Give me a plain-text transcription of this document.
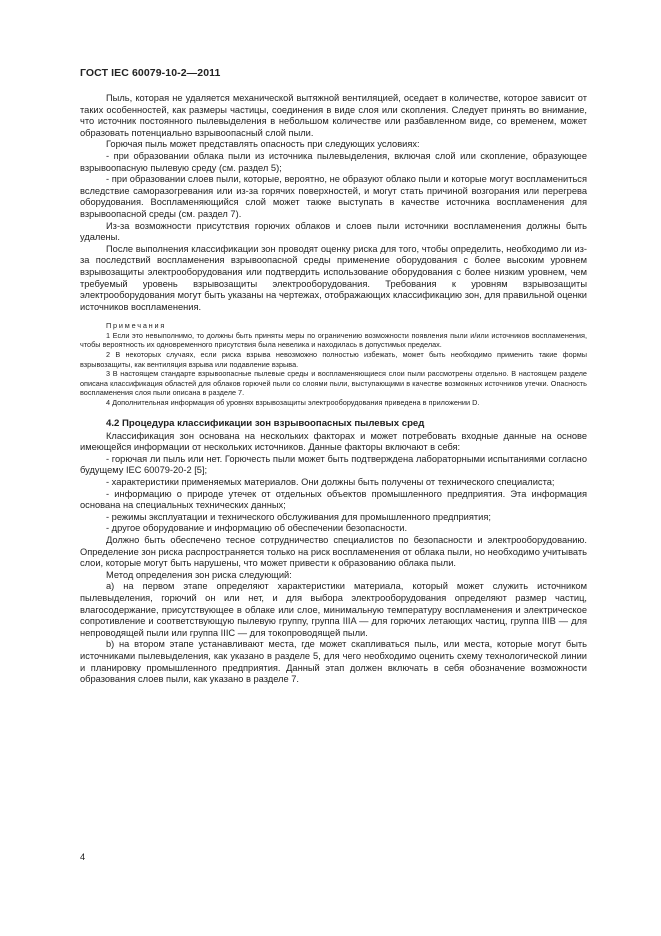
ГОСТ IEC 60079-10-2—2011

Пыль, которая не удаляется механической вытяжной вентиляцией, оседает в количестве, которое зависит от таких особенностей, как размеры частицы, соединения в виде слоя или скопления. Следует принять во внимание, что источник постоянного пылевыделения в небольшом количестве или разбавленном виде, со временем, может образовать потенциально взрывоопасный слой пыли.

Горючая пыль может представлять опасность при следующих условиях:

- при образовании облака пыли из источника пылевыделения, включая слой или скопление, образующее взрывоопасную пылевую среду (см. раздел 5);

- при образовании слоев пыли, которые, вероятно, не образуют облако пыли и которые могут воспламениться вследствие саморазогревания или из-за горячих поверхностей, и могут стать причиной возгорания или перегрева оборудования. Воспламеняющийся слой может также выступать в качестве источника воспламенения для взрывоопасной среды (см. раздел 7).

Из-за возможности присутствия горючих облаков и слоев пыли источники воспламенения должны быть удалены.

После выполнения классификации зон проводят оценку риска для того, чтобы определить, необходимо ли из-за последствий воспламенения взрывоопасной среды применение оборудования с более высоким уровнем взрывозащиты электрооборудования или подтвердить использование оборудования с более низким уровнем, чем требуемый уровень взрывозащиты электрооборудования. Требования к уровням взрывозащиты электрооборудования могут быть указаны на чертежах, отображающих классификацию зон, для правильной оценки источников воспламенения.

Примечания

1 Если это невыполнимо, то должны быть приняты меры по ограничению возможности появления пыли и/или источников воспламенения, чтобы вероятность их одновременного присутствия была невелика и находилась в допустимых пределах.

2 В некоторых случаях, если риска взрыва невозможно полностью избежать, может быть необходимо применить такие формы взрывозащиты, как вентиляция взрыва или подавление взрыва.

3 В настоящем стандарте взрывоопасные пылевые среды и воспламеняющиеся слои пыли рассмотрены отдельно. В настоящем разделе описана классификация областей для облаков горючей пыли со слоями пыли, выступающими в качестве возможных источников утечки. Опасность воспламенения слоя пыли описана в разделе 7.

4 Дополнительная информация об уровнях взрывозащиты электрооборудования приведена в приложении D.

4.2 Процедура классификации зон взрывоопасных пылевых сред

Классификация зон основана на нескольких факторах и может потребовать входные данные на основе имеющейся информации от нескольких источников. Данные факторы включают в себя:

- горючая ли пыль или нет. Горючесть пыли может быть подтверждена лабораторными испытаниями согласно будущему IEC 60079-20-2 [5];

- характеристики применяемых материалов. Они должны быть получены от технического специалиста;

- информацию о природе утечек от отдельных объектов промышленного предприятия. Эта информация основана на специальных технических данных;

- режимы эксплуатации и технического обслуживания для промышленного предприятия;

- другое оборудование и информацию об обеспечении безопасности.

Должно быть обеспечено тесное сотрудничество специалистов по безопасности и электрооборудованию. Определение зон риска распространяется только на риск воспламенения от облака пыли, но необходимо учитывать слои, которые могут быть нарушены, что может привести к образованию облака пыли.

Метод определения зон риска следующий:

a) на первом этапе определяют характеристики материала, который может служить источником пылевыделения, горючий он или нет, и для выбора электрооборудования определяют размер частиц, влагосодержание, присутствующее в облаке или слое, минимальную температуру воспламенения и электрическое сопротивление и соответствующую пылевую группу, группа IIIA — для горючих летающих частиц, группа IIIB — для непроводящей пыли или группа IIIC — для токопроводящей пыли.

b) на втором этапе устанавливают места, где может скапливаться пыль, или места, которые могут быть источниками пылевыделения, как указано в разделе 5, для чего необходимо оценить схему технологической линии и планировку промышленного предприятия. Данный этап должен включать в себя обозначение возможности образования слоев пыли, как указано в разделе 7.

4
